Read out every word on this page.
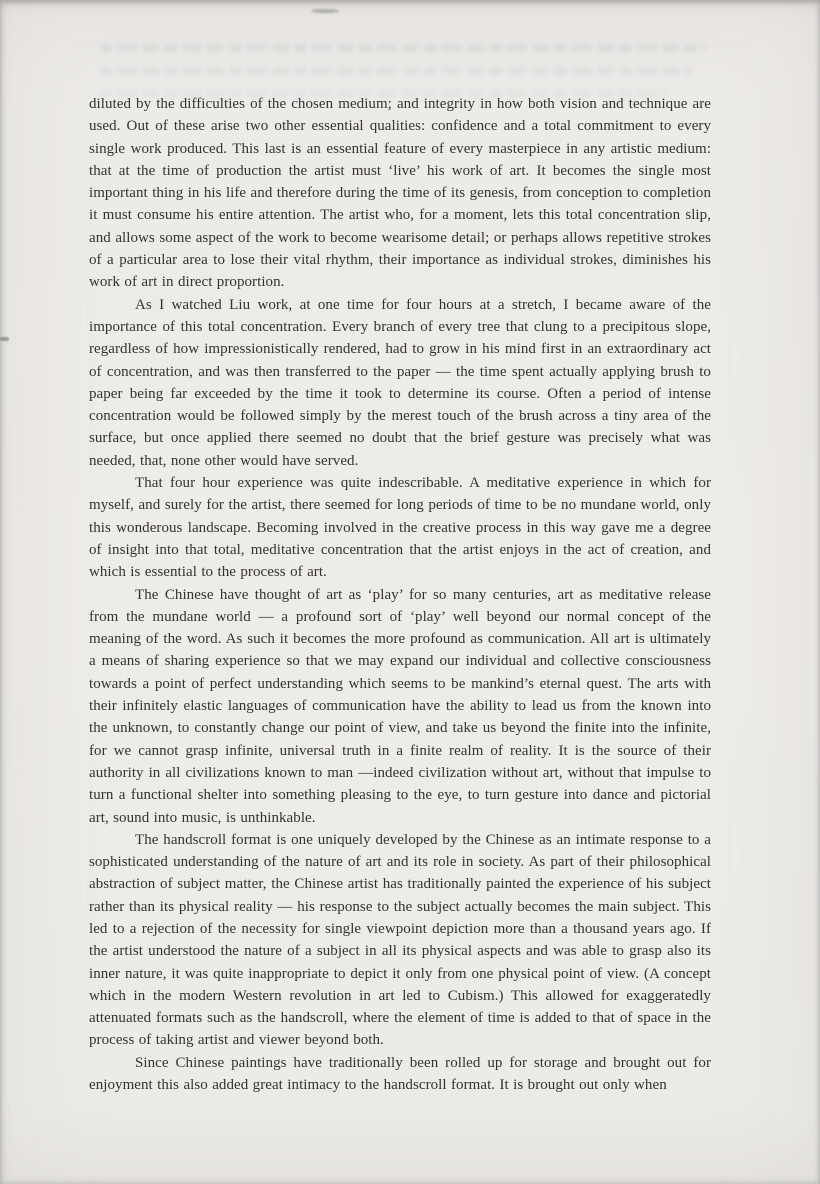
diluted by the difficulties of the chosen medium; and integrity in how both vision and technique are used. Out of these arise two other essential qualities: confidence and a total commitment to every single work produced. This last is an essential feature of every masterpiece in any artistic medium: that at the time of production the artist must ‘live’ his work of art. It becomes the single most important thing in his life and therefore during the time of its genesis, from conception to completion it must consume his entire attention. The artist who, for a moment, lets this total concentration slip, and allows some aspect of the work to become wearisome detail; or perhaps allows repetitive strokes of a particular area to lose their vital rhythm, their importance as individual strokes, diminishes his work of art in direct proportion.

As I watched Liu work, at one time for four hours at a stretch, I became aware of the importance of this total concentration. Every branch of every tree that clung to a precipitous slope, regardless of how impressionistically rendered, had to grow in his mind first in an extraordinary act of concentration, and was then transferred to the paper — the time spent actually applying brush to paper being far exceeded by the time it took to determine its course. Often a period of intense concentration would be followed simply by the merest touch of the brush across a tiny area of the surface, but once applied there seemed no doubt that the brief gesture was precisely what was needed, that, none other would have served.

That four hour experience was quite indescribable. A meditative experience in which for myself, and surely for the artist, there seemed for long periods of time to be no mundane world, only this wonderous landscape. Becoming involved in the creative process in this way gave me a degree of insight into that total, meditative concentration that the artist enjoys in the act of creation, and which is essential to the process of art.

The Chinese have thought of art as ‘play’ for so many centuries, art as meditative release from the mundane world — a profound sort of ‘play’ well beyond our normal concept of the meaning of the word. As such it becomes the more profound as communication. All art is ultimately a means of sharing experience so that we may expand our individual and collective consciousness towards a point of perfect understanding which seems to be mankind’s eternal quest. The arts with their infinitely elastic languages of communication have the ability to lead us from the known into the unknown, to constantly change our point of view, and take us beyond the finite into the infinite, for we cannot grasp infinite, universal truth in a finite realm of reality. It is the source of their authority in all civilizations known to man —indeed civilization without art, without that impulse to turn a functional shelter into something pleasing to the eye, to turn gesture into dance and pictorial art, sound into music, is unthinkable.

The handscroll format is one uniquely developed by the Chinese as an intimate response to a sophisticated understanding of the nature of art and its role in society. As part of their philosophical abstraction of subject matter, the Chinese artist has traditionally painted the experience of his subject rather than its physical reality — his response to the subject actually becomes the main subject. This led to a rejection of the necessity for single viewpoint depiction more than a thousand years ago. If the artist understood the nature of a subject in all its physical aspects and was able to grasp also its inner nature, it was quite inappropriate to depict it only from one physical point of view. (A concept which in the modern Western revolution in art led to Cubism.) This allowed for exaggeratedly attenuated formats such as the handscroll, where the element of time is added to that of space in the process of taking artist and viewer beyond both.

Since Chinese paintings have traditionally been rolled up for storage and brought out for enjoyment this also added great intimacy to the handscroll format. It is brought out only when
